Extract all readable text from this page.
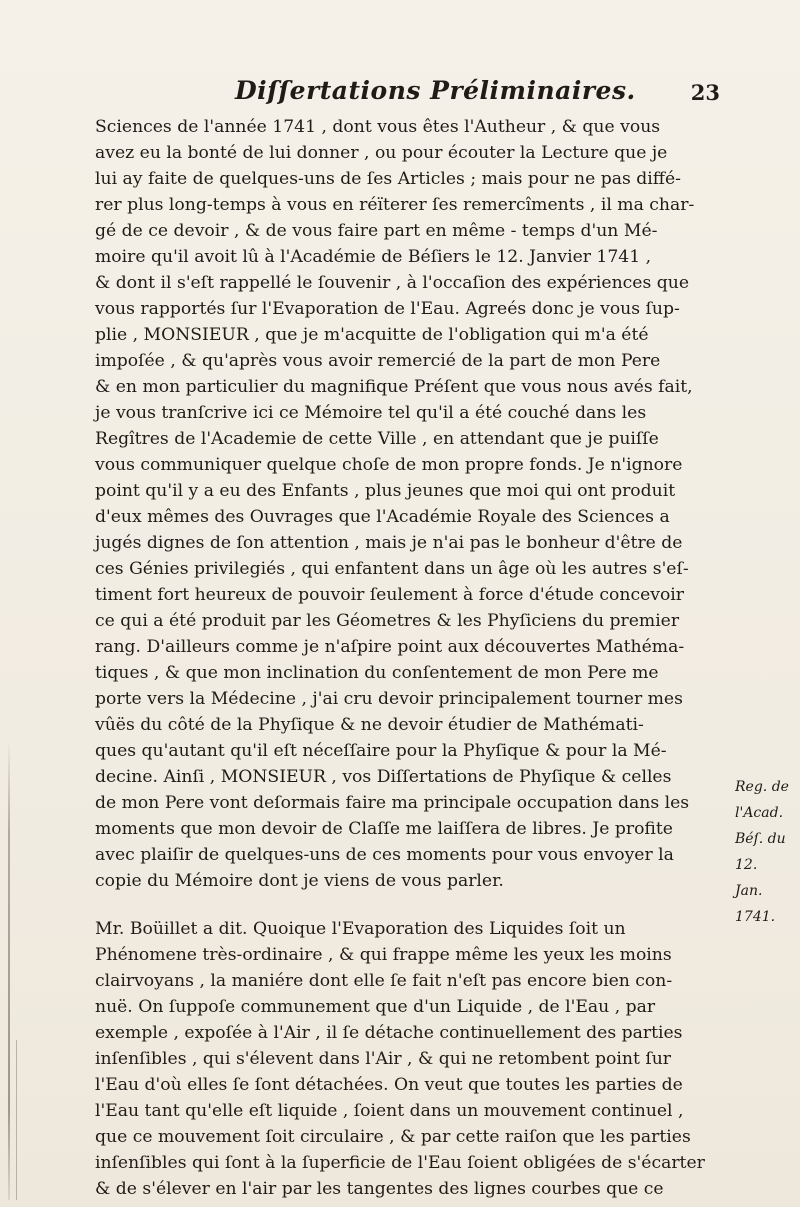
Diſſertations Préliminaires.	23

Sciences de l'année 1741 , dont vous êtes l'Autheur , & que vous
avez eu la bonté de lui donner , ou pour écouter la Lecture que je
lui ay faite de quelques-uns de ſes Articles ; mais pour ne pas diffé-
rer plus long-temps à vous en réïterer ſes remercîments , il ma char-
gé de ce devoir , & de vous faire part en même - temps d'un Mé-
moire qu'il avoit lû à l'Académie de Béſiers le 12. Janvier 1741 ,
& dont il s'eſt rappellé le ſouvenir , à l'occaſion des expériences que
vous rapportés ſur l'Evaporation de l'Eau. Agreés donc je vous ſup-
plie , MONSIEUR , que je m'acquitte de l'obligation qui m'a été
impoſée , & qu'après vous avoir remercié de la part de mon Pere
& en mon particulier du magnifique Préſent que vous nous avés fait,
je vous tranſcrive ici ce Mémoire tel qu'il a été couché dans les
Regîtres de l'Academie de cette Ville , en attendant que je puiſſe
vous communiquer quelque choſe de mon propre fonds. Je n'ignore
point qu'il y a eu des Enfants , plus jeunes que moi qui ont produit
d'eux mêmes des Ouvrages que l'Académie Royale des Sciences a
jugés dignes de ſon attention , mais je n'ai pas le bonheur d'être de
ces Génies privilegiés , qui enfantent dans un âge où les autres s'eſ-
timent fort heureux de pouvoir ſeulement à force d'étude concevoir
ce qui a été produit par les Géometres & les Phyſiciens du premier
rang. D'ailleurs comme je n'aſpire point aux découvertes Mathéma-
tiques , & que mon inclination du conſentement de mon Pere me
porte vers la Médecine , j'ai cru devoir principalement tourner mes
vûës du côté de la Phyſique & ne devoir étudier de Mathémati-
ques qu'autant qu'il eſt néceſſaire pour la Phyſique & pour la Mé-
decine. Ainſi , MONSIEUR , vos Diſſertations de Phyſique & celles
de mon Pere vont deſormais faire ma principale occupation dans les
moments que mon devoir de Claſſe me laiſſera de libres. Je profite
avec plaiſir de quelques-uns de ces moments pour vous envoyer la
copie du Mémoire dont je viens de vous parler.

Mr. Boüillet a dit. Quoique l'Evaporation des Liquides ſoit un
Phénomene très-ordinaire , & qui frappe même les yeux les moins
clairvoyans , la maniére dont elle ſe fait n'eſt pas encore bien con-
nuë. On ſuppoſe communement que d'un Liquide , de l'Eau , par
exemple , expoſée à l'Air , il ſe détache continuellement des parties
inſenſibles , qui s'élevent dans l'Air , & qui ne retombent point ſur
l'Eau d'où elles ſe ſont détachées. On veut que toutes les parties de
l'Eau tant qu'elle eſt liquide , ſoient dans un mouvement continuel ,
que ce mouvement ſoit circulaire , & par cette raiſon que les parties
inſenſibles qui ſont à la ſuperficie de l'Eau ſoient obligées de s'écarter
& de s'élever en l'air par les tangentes des lignes courbes que ce

Reg. de l'Acad.
Béſ. du 12.
Jan. 1741.
